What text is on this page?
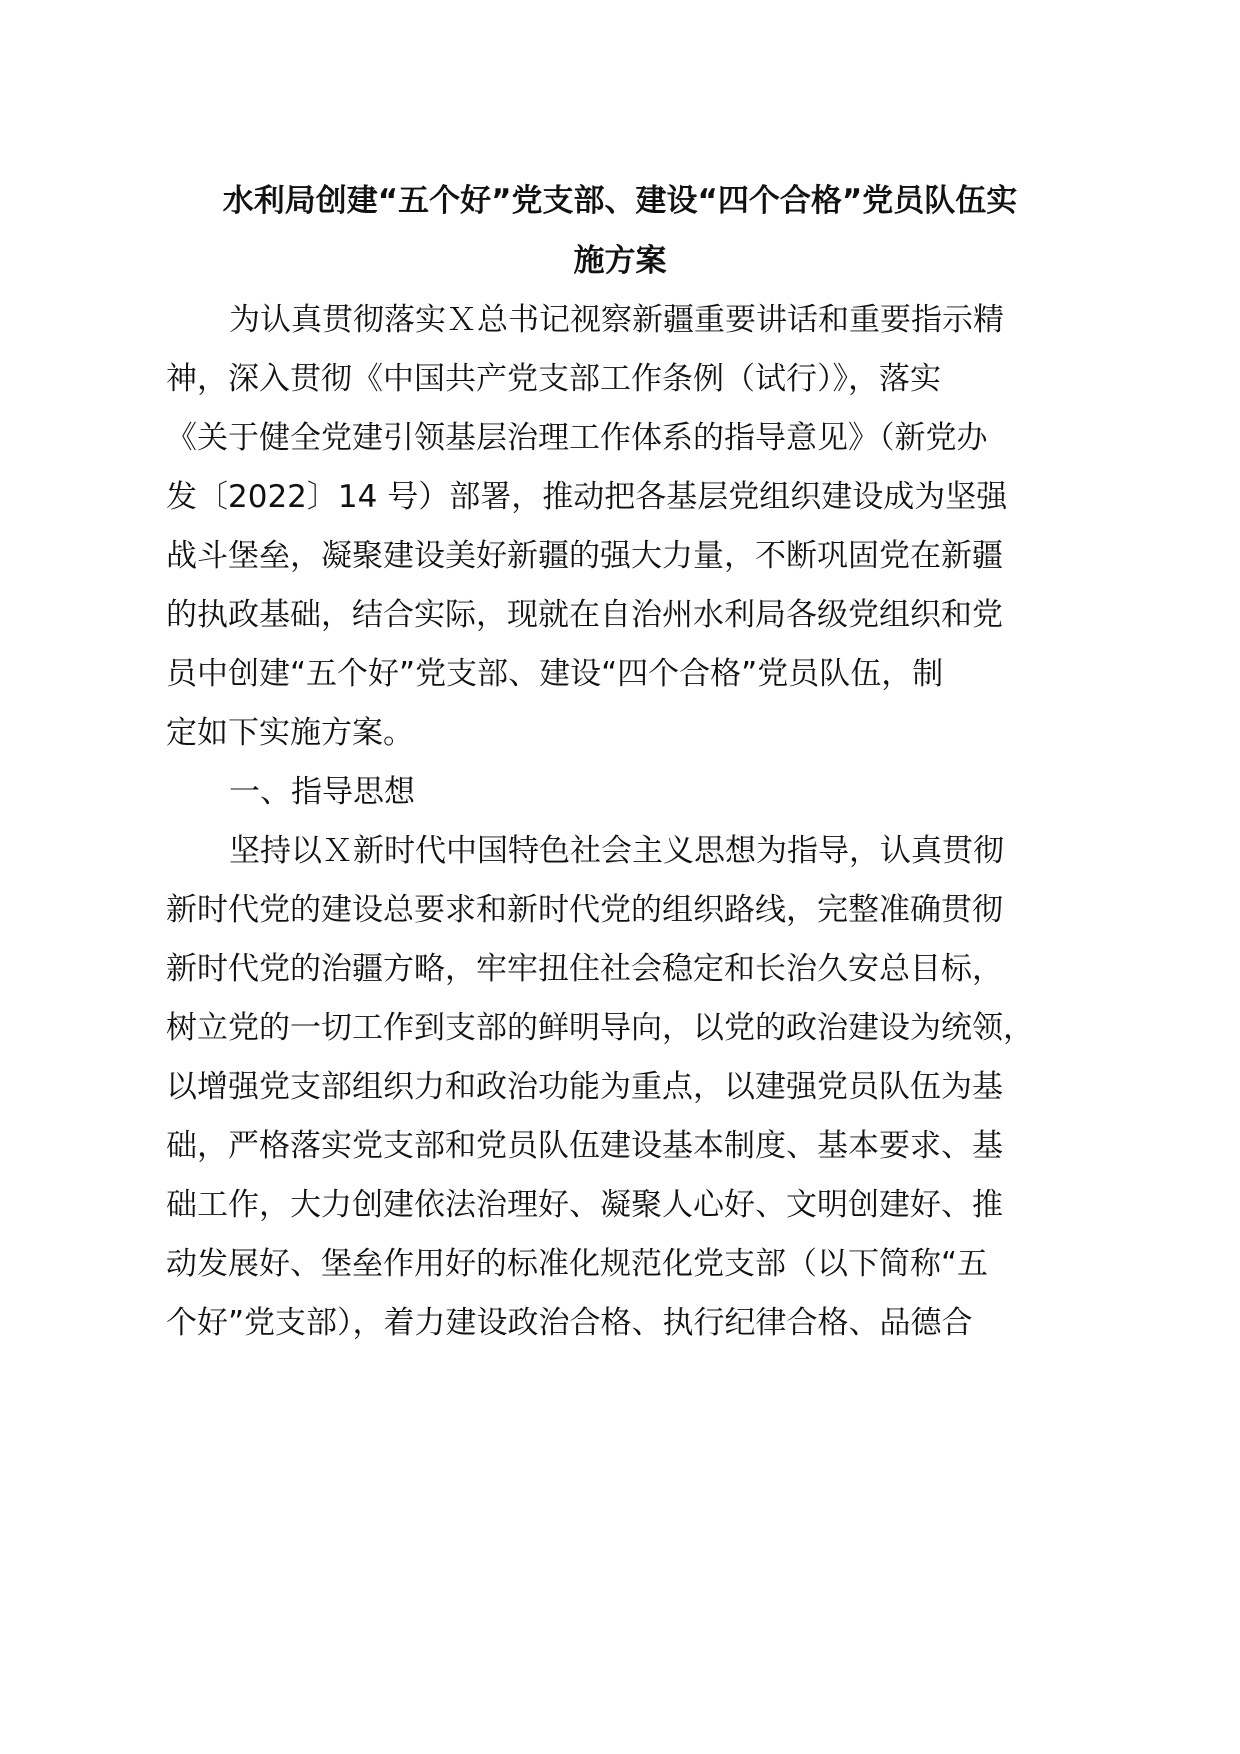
水利局创建“五个好”党支部、建设“四个合格”党员队伍实
施方案
为认真贯彻落实Ｘ总书记视察新疆重要讲话和重要指示精
神，深入贯彻《中国共产党支部工作条例（试行）》，落实
《关于健全党建引领基层治理工作体系的指导意见》（新党办
发〔2022〕14 号）部署，推动把各基层党组织建设成为坚强
战斗堡垒，凝聚建设美好新疆的强大力量，不断巩固党在新疆
的执政基础，结合实际，现就在自治州水利局各级党组织和党
员中创建“五个好”党支部、建设“四个合格”党员队伍，制
定如下实施方案。
一、指导思想
坚持以Ｘ新时代中国特色社会主义思想为指导，认真贯彻
新时代党的建设总要求和新时代党的组织路线，完整准确贯彻
新时代党的治疆方略，牢牢扭住社会稳定和长治久安总目标，
树立党的一切工作到支部的鲜明导向，以党的政治建设为统领，
以增强党支部组织力和政治功能为重点，以建强党员队伍为基
础，严格落实党支部和党员队伍建设基本制度、基本要求、基
础工作，大力创建依法治理好、凝聚人心好、文明创建好、推
动发展好、堡垒作用好的标准化规范化党支部（以下简称“五
个好”党支部），着力建设政治合格、执行纪律合格、品德合
